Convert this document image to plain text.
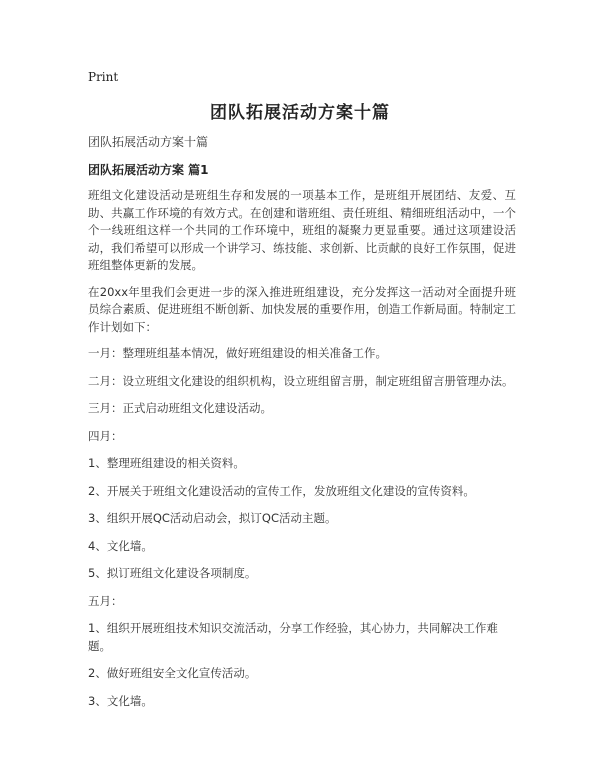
Print
团队拓展活动方案十篇
团队拓展活动方案十篇
团队拓展活动方案 篇1

班组文化建设活动是班组生存和发展的一项基本工作，是班组开展团结、友爱、互助、共赢工作环境的有效方式。在创建和谐班组、责任班组、精细班组活动中，一个个一线班组这样一个共同的工作环境中，班组的凝聚力更显重要。通过这项建设活动，我们希望可以形成一个讲学习、练技能、求创新、比贡献的良好工作氛围，促进班组整体更新的发展。

在20xx年里我们会更进一步的深入推进班组建设，充分发挥这一活动对全面提升班员综合素质、促进班组不断创新、加快发展的重要作用，创造工作新局面。特制定工作计划如下：

一月：整理班组基本情况，做好班组建设的相关准备工作。

二月：设立班组文化建设的组织机构，设立班组留言册，制定班组留言册管理办法。

三月：正式启动班组文化建设活动。

四月：

1、整理班组建设的相关资料。

2、开展关于班组文化建设活动的宣传工作，发放班组文化建设的宣传资料。

3、组织开展QC活动启动会，拟订QC活动主题。

4、文化墙。

5、拟订班组文化建设各项制度。

五月：

1、组织开展班组技术知识交流活动，分享工作经验，其心协力，共同解决工作难题。

2、做好班组安全文化宣传活动。

3、文化墙。
